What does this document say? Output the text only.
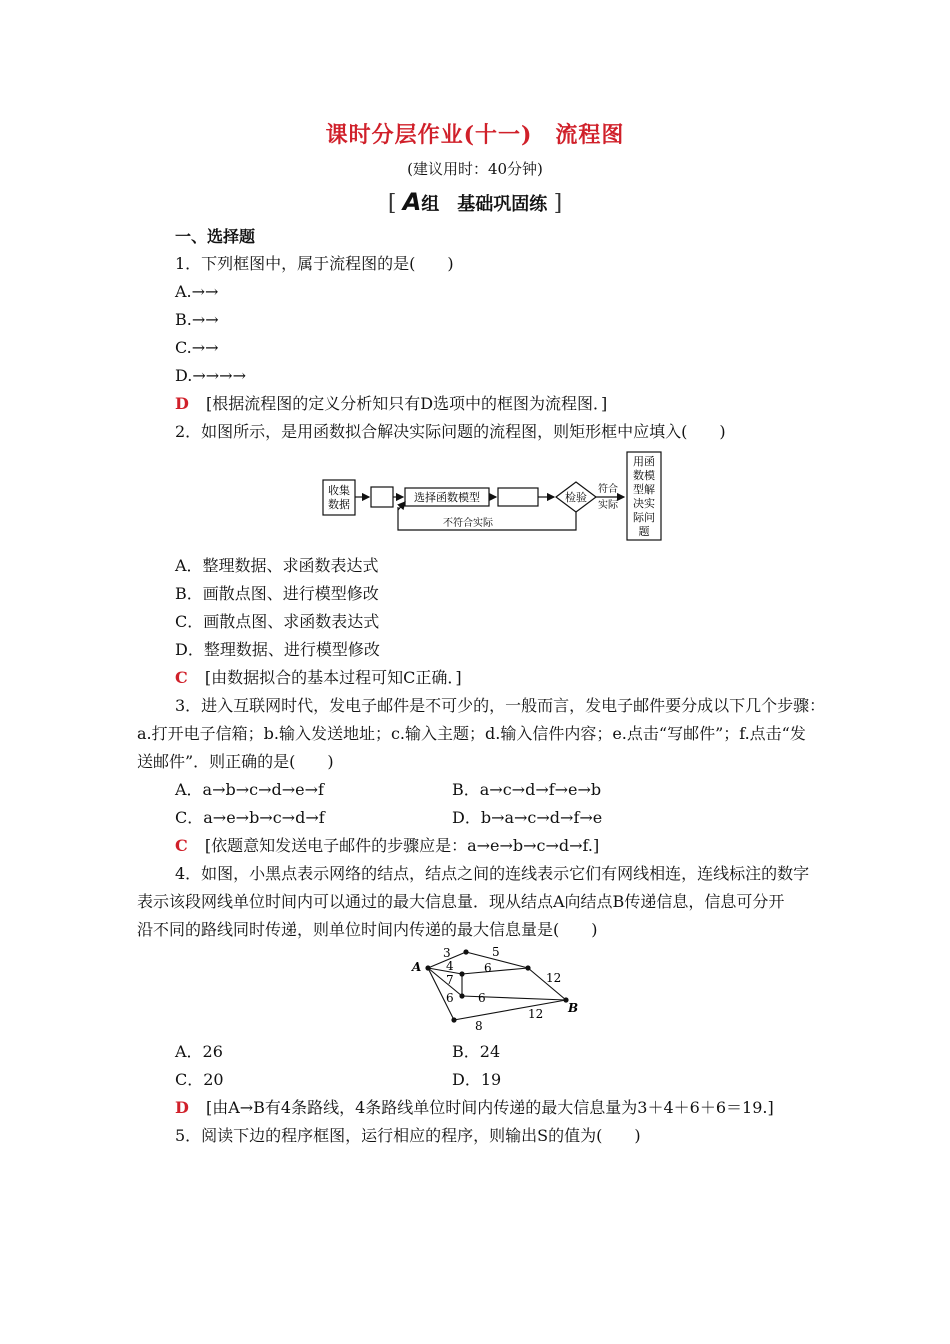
课时分层作业(十一)　流程图
(建议用时：40分钟)
[ A组　基础巩固练 ]
一、选择题
1．下列框图中，属于流程图的是(　　)
A.→→
B.→→
C.→→
D.→→→→
D [根据流程图的定义分析知只有D选项中的框图为流程图．]
2．如图所示，是用函数拟合解决实际问题的流程图，则矩形框中应填入(　　)
收集
数据
选择函数模型	检验
符合
实际
用函
数模
型解
决实
际问
题
不符合实际
A．整理数据、求函数表达式
B．画散点图、进行模型修改
C．画散点图、求函数表达式
D．整理数据、进行模型修改
C [由数据拟合的基本过程可知C正确．]
3．进入互联网时代，发电子邮件是不可少的，一般而言，发电子邮件要分成以下几个步骤：
a.打开电子信箱；b.输入发送地址；c.输入主题；d.输入信件内容；e.点击“写邮件”；f.点击“发
送邮件”．则正确的是(　　)
A．a→b→c→d→e→f	B．a→c→d→f→e→b
C．a→e→b→c→d→f	D．b→a→c→d→f→e
C [依题意知发送电子邮件的步骤应是：a→e→b→c→d→f.]
4．如图，小黑点表示网络的结点，结点之间的连线表示它们有网线相连，连线标注的数字
表示该段网线单位时间内可以通过的最大信息量．现从结点A向结点B传递信息，信息可分开
沿不同的路线同时传递，则单位时间内传递的最大信息量是(　　)
A
B
3	5
4	6
12
7
6 6
12
8
A．26	B．24
C．20	D．19
D [由A→B有4条路线，4条路线单位时间内传递的最大信息量为3＋4＋6＋6＝19.]
5．阅读下边的程序框图，运行相应的程序，则输出S的值为(　　)
